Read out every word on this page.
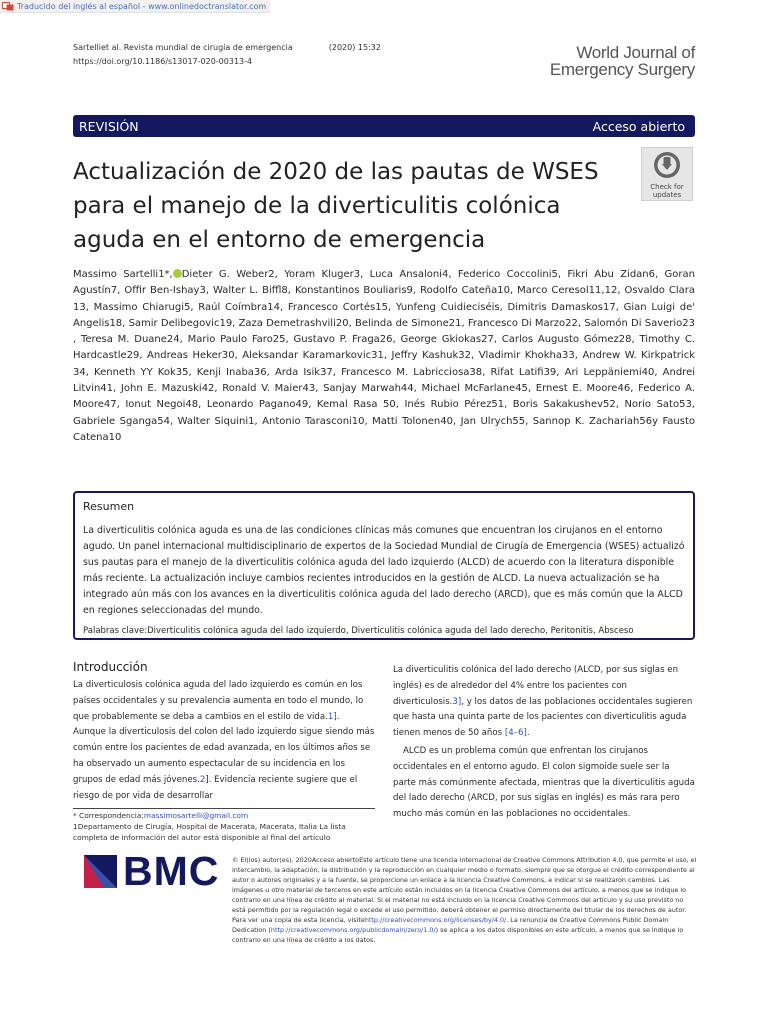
Traducido del inglés al español - www.onlinedoctranslator.com
Sartelliet al. Revista mundial de cirugía de emergencia	(2020) 15:32
https://doi.org/10.1186/s13017-020-00313-4	World Journal of
Emergency Surgery
REVISIÓN	Acceso abierto
Actualización de 2020 de las pautas de WSES para el manejo de la diverticulitis colónica aguda en el entorno de emergencia
Check for
updates
Massimo Sartelli1*, Dieter G. Weber2, Yoram Kluger3, Luca Ansaloni4, Federico Coccolini5, Fikri Abu Zidan6, Goran Agustín7, Offir Ben-Ishay3, Walter L. Biffl8, Konstantinos Bouliaris9, Rodolfo Cateña10, Marco Ceresol11,12, Osvaldo Clara 13, Massimo Chiarugi5, Raúl Coímbra14, Francesco Cortés15, Yunfeng Cuidieciséis, Dimitris Damaskos17, Gian Luigi de' Angelis18, Samir Delibegovic19, Zaza Demetrashvili20, Belinda de Simone21, Francesco Di Marzo22, Salomón Di Saverio23 , Teresa M. Duane24, Mario Paulo Faro25, Gustavo P. Fraga26, George Gkiokas27, Carlos Augusto Gómez28, Timothy C. Hardcastle29, Andreas Heker30, Aleksandar Karamarkovic31, Jeffry Kashuk32, Vladimir Khokha33, Andrew W. Kirkpatrick 34, Kenneth YY Kok35, Kenji Inaba36, Arda Isik37, Francesco M. Labricciosa38, Rifat Latifi39, Ari Leppäniemi40, Andrei Litvin41, John E. Mazuski42, Ronald V. Maier43, Sanjay Marwah44, Michael McFarlane45, Ernest E. Moore46, Federico A. Moore47, Ionut Negoi48, Leonardo Pagano49, Kemal Rasa 50, Inés Rubio Pérez51, Boris Sakakushev52, Norio Sato53, Gabriele Sganga54, Walter Siquini1, Antonio Tarasconi10, Matti Tolonen40, Jan Ulrych55, Sannop K. Zachariah56y Fausto Catena10
Resumen
La diverticulitis colónica aguda es una de las condiciones clínicas más comunes que encuentran los cirujanos en el entorno agudo. Un panel internacional multidisciplinario de expertos de la Sociedad Mundial de Cirugía de Emergencia (WSES) actualizó sus pautas para el manejo de la diverticulitis colónica aguda del lado izquierdo (ALCD) de acuerdo con la literatura disponible más reciente. La actualización incluye cambios recientes introducidos en la gestión de ALCD. La nueva actualización se ha integrado aún más con los avances en la diverticulitis colónica aguda del lado derecho (ARCD), que es más común que la ALCD en regiones seleccionadas del mundo.
Palabras clave:Diverticulitis colónica aguda del lado izquierdo, Diverticulitis colónica aguda del lado derecho, Peritonitis, Absceso
Introducción
La diverticulosis colónica aguda del lado izquierdo es común en los países occidentales y su prevalencia aumenta en todo el mundo, lo que probablemente se deba a cambios en el estilo de vida.1]. Aunque la diverticulosis del colon del lado izquierdo sigue siendo más común entre los pacientes de edad avanzada, en los últimos años se ha observado un aumento espectacular de su incidencia en los grupos de edad más jóvenes.2]. Evidencia reciente sugiere que el riesgo de por vida de desarrollar
La diverticulitis colónica del lado derecho (ALCD, por sus siglas en inglés) es de alrededor del 4% entre los pacientes con diverticulosis.3], y los datos de las poblaciones occidentales sugieren que hasta una quinta parte de los pacientes con diverticulitis aguda tienen menos de 50 años [4–6].
ALCD es un problema común que enfrentan los cirujanos occidentales en el entorno agudo. El colon sigmoide suele ser la parte más comúnmente afectada, mientras que la diverticulitis aguda del lado derecho (ARCD, por sus siglas en inglés) es más rara pero mucho más común en las poblaciones no occidentales.
* Correspondencia:massimosartelli@gmail.com
1Departamento de Cirugía, Hospital de Macerata, Macerata, Italia La lista
completa de información del autor está disponible al final del artículo
BMC © El(los) autor(es). 2020Acceso abiertoEste artículo tiene una licencia internacional de Creative Commons Attribution 4.0, que permite el uso, el intercambio, la adaptación, la distribución y la reproducción en cualquier medio o formato, siempre que se otorgue el crédito correspondiente al autor o autores originales y a la fuente, se proporcione un enlace a la licencia Creative Commons, e indicar si se realizaron cambios. Las imágenes u otro material de terceros en este artículo están incluidos en la licencia Creative Commons del artículo, a menos que se indique lo contrario en una línea de crédito al material. Si el material no está incluido en la licencia Creative Commons del artículo y su uso previsto no está permitido por la regulación legal o excede el uso permitido, deberá obtener el permiso directamente del titular de los derechos de autor. Para ver una copia de esta licencia, visitehttp://creativecommons.org/licenses/by/4.0/. La renuncia de Creative Commons Public Domain Dedication (http://creativecommons.org/publicdomain/zero/1.0/) se aplica a los datos disponibles en este artículo, a menos que se indique lo contrario en una línea de crédito a los datos.
